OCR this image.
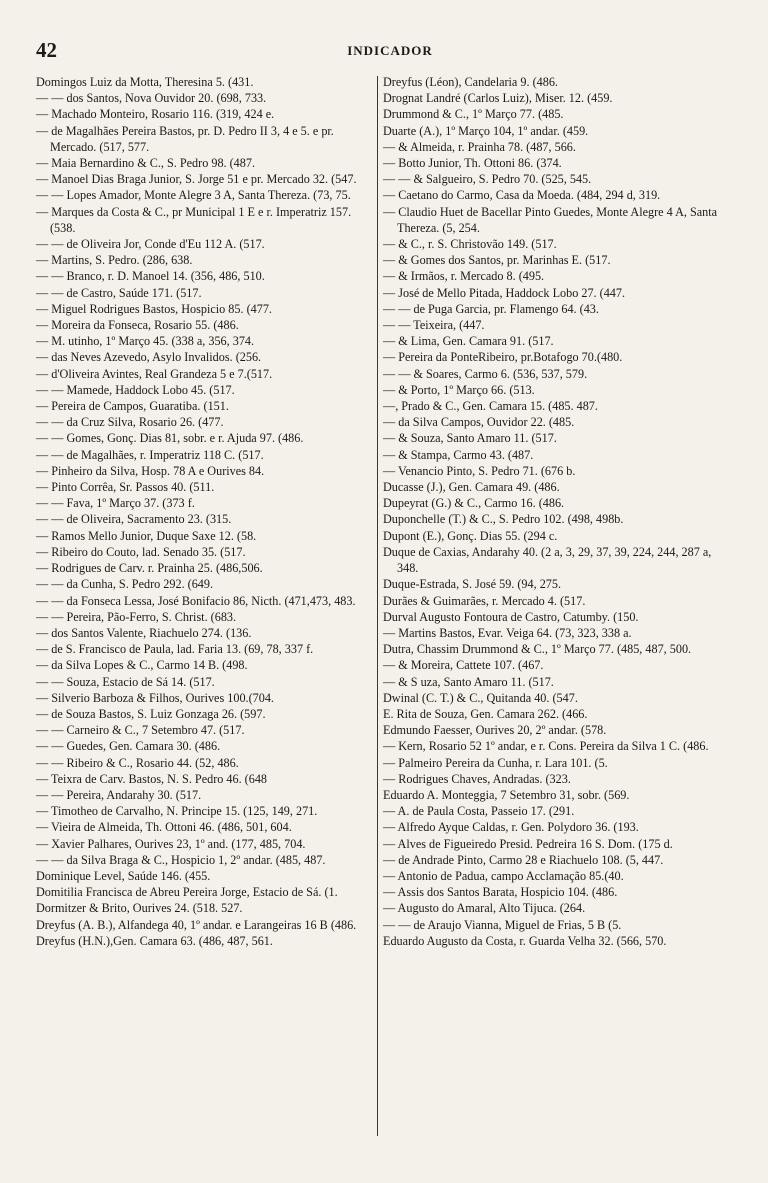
42	INDICADOR

Domingos Luiz da Motta, Theresina 5. (431.

— — dos Santos, Nova Ouvidor 20. (698, 733.

— Machado Monteiro, Rosario 116. (319, 424 e.

— de Magalhães Pereira Bastos, pr. D. Pedro II 3, 4 e 5. e pr. Mercado. (517, 577.

— Maia Bernardino & C., S. Pedro 98. (487.

— Manoel Dias Braga Junior, S. Jorge 51 e pr. Mercado 32. (547.

— — Lopes Amador, Monte Alegre 3 A, Santa Thereza. (73, 75.

— Marques da Costa & C., pr Municipal 1 E e r. Imperatriz 157. (538.

— — de Oliveira Jor, Conde d'Eu 112 A. (517.

— Martins, S. Pedro. (286, 638.

— — Branco, r. D. Manoel 14. (356, 486, 510.

— — de Castro, Saúde 171. (517.

— Miguel Rodrigues Bastos, Hospicio 85. (477.

— Moreira da Fonseca, Rosario 55. (486.

— M. utinho, 1º Março 45. (338 a, 356, 374.

— das Neves Azevedo, Asylo Invalidos. (256.

— d'Oliveira Avintes, Real Grandeza 5 e 7.(517.

— — Mamede, Haddock Lobo 45. (517.

— Pereira de Campos, Guaratiba. (151.

— — da Cruz Silva, Rosario 26. (477.

— — Gomes, Gonç. Dias 81, sobr. e r. Ajuda 97. (486.

— — de Magalhães, r. Imperatriz 118 C. (517.

— Pinheiro da Silva, Hosp. 78 A e Ourives 84.

— Pinto Corrêa, Sr. Passos 40. (511.

— — Fava, 1º Março 37. (373 f.

— — de Oliveira, Sacramento 23. (315.

— Ramos Mello Junior, Duque Saxe 12. (58.

— Ribeiro do Couto, lad. Senado 35. (517.

— Rodrigues de Carv. r. Prainha 25. (486,506.

— — da Cunha, S. Pedro 292. (649.

— — da Fonseca Lessa, José Bonifacio 86, Nicth. (471,473, 483.

— — Pereira, Pão-Ferro, S. Christ. (683.

— dos Santos Valente, Riachuelo 274. (136.

— de S. Francisco de Paula, lad. Faria 13. (69, 78, 337 f.

— da Silva Lopes & C., Carmo 14 B. (498.

— — Souza, Estacio de Sá 14. (517.

— Silverio Barboza & Filhos, Ourives 100.(704.

— de Souza Bastos, S. Luiz Gonzaga 26. (597.

— — Carneiro & C., 7 Setembro 47. (517.

— — Guedes, Gen. Camara 30. (486.

— — Ribeiro & C., Rosario 44. (52, 486.

— Teixra de Carv. Bastos, N. S. Pedro 46. (648

— — Pereira, Andarahy 30. (517.

— Timotheo de Carvalho, N. Principe 15. (125, 149, 271.

— Vieira de Almeida, Th. Ottoni 46. (486, 501, 604.

— Xavier Palhares, Ourives 23, 1º and. (177, 485, 704.

— — da Silva Braga & C., Hospicio 1, 2º andar. (485, 487.

Dominique Level, Saúde 146. (455.

Domitilia Francisca de Abreu Pereira Jorge, Estacio de Sá. (1.

Dormitzer & Brito, Ourives 24. (518. 527.

Dreyfus (A. B.), Alfandega 40, 1º andar. e Larangeiras 16 B (486.

Dreyfus (H.N.),Gen. Camara 63. (486, 487, 561.

Dreyfus (Léon), Candelaria 9. (486.

Drognat Landré (Carlos Luiz), Miser. 12. (459.

Drummond & C., 1º Março 77. (485.

Duarte (A.), 1º Março 104, 1º andar. (459.

— & Almeida, r. Prainha 78. (487, 566.

— Botto Junior, Th. Ottoni 86. (374.

— — & Salgueiro, S. Pedro 70. (525, 545.

— Caetano do Carmo, Casa da Moeda. (484, 294 d, 319.

— Claudio Huet de Bacellar Pinto Guedes, Monte Alegre 4 A, Santa Thereza. (5, 254.

— & C., r. S. Christovão 149. (517.

— & Gomes dos Santos, pr. Marinhas E. (517.

— & Irmãos, r. Mercado 8. (495.

— José de Mello Pitada, Haddock Lobo 27. (447.

— — de Puga Garcia, pr. Flamengo 64. (43.

— — Teixeira, (447.

— & Lima, Gen. Camara 91. (517.

— Pereira da PonteRibeiro, pr.Botafogo 70.(480.

— — & Soares, Carmo 6. (536, 537, 579.

— & Porto, 1º Março 66. (513.

—, Prado & C., Gen. Camara 15. (485. 487.

— da Silva Campos, Ouvidor 22. (485.

— & Souza, Santo Amaro 11. (517.

— & Stampa, Carmo 43. (487.

— Venancio Pinto, S. Pedro 71. (676 b.

Ducasse (J.), Gen. Camara 49. (486.

Dupeyrat (G.) & C., Carmo 16. (486.

Duponchelle (T.) & C., S. Pedro 102. (498, 498b.

Dupont (E.), Gonç. Dias 55. (294 c.

Duque de Caxias, Andarahy 40. (2 a, 3, 29, 37, 39, 224, 244, 287 a, 348.

Duque-Estrada, S. José 59. (94, 275.

Durães & Guimarães, r. Mercado 4. (517.

Durval Augusto Fontoura de Castro, Catumby. (150.

— Martins Bastos, Evar. Veiga 64. (73, 323, 338 a.

Dutra, Chassim Drummond & C., 1º Março 77. (485, 487, 500.

— & Moreira, Cattete 107. (467.

— & S uza, Santo Amaro 11. (517.

Dwinal (C. T.) & C., Quitanda 40. (547.

E. Rita de Souza, Gen. Camara 262. (466.

Edmundo Faesser, Ourives 20, 2º andar. (578.

— Kern, Rosario 52 1º andar, e r. Cons. Pereira da Silva 1 C. (486.

— Palmeiro Pereira da Cunha, r. Lara 101. (5.

— Rodrigues Chaves, Andradas. (323.

Eduardo A. Monteggia, 7 Setembro 31, sobr. (569.

— A. de Paula Costa, Passeio 17. (291.

— Alfredo Ayque Caldas, r. Gen. Polydoro 36. (193.

— Alves de Figueiredo Presid. Pedreira 16 S. Dom. (175 d.

— de Andrade Pinto, Carmo 28 e Riachuelo 108. (5, 447.

— Antonio de Padua, campo Acclamação 85.(40.

— Assis dos Santos Barata, Hospicio 104. (486.

— Augusto do Amaral, Alto Tijuca. (264.

— — de Araujo Vianna, Miguel de Frias, 5 B (5.

Eduardo Augusto da Costa, r. Guarda Velha 32. (566, 570.
